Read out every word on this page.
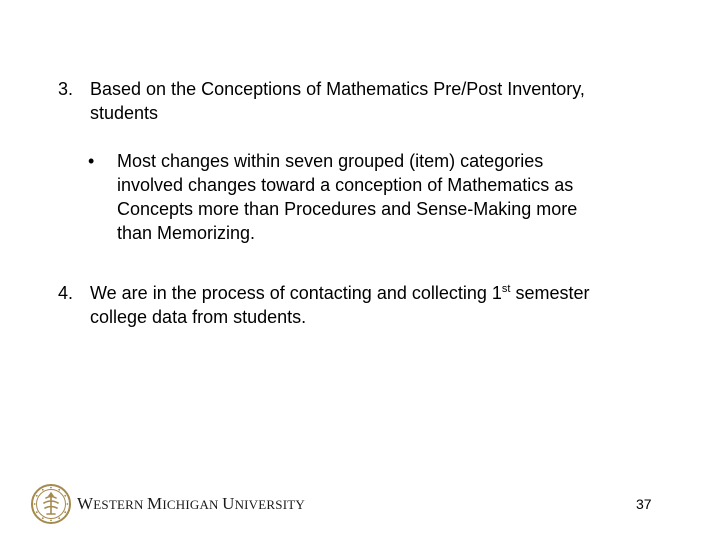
3. Based on the Conceptions of Mathematics Pre/Post Inventory,
students
• Most changes within seven grouped (item) categories
involved changes toward a conception of Mathematics as
Concepts more than Procedures and Sense-Making more
than Memorizing.
4. We are in the process of contacting and collecting 1st semester
college data from students.
WESTERN MICHIGAN UNIVERSITY	37
